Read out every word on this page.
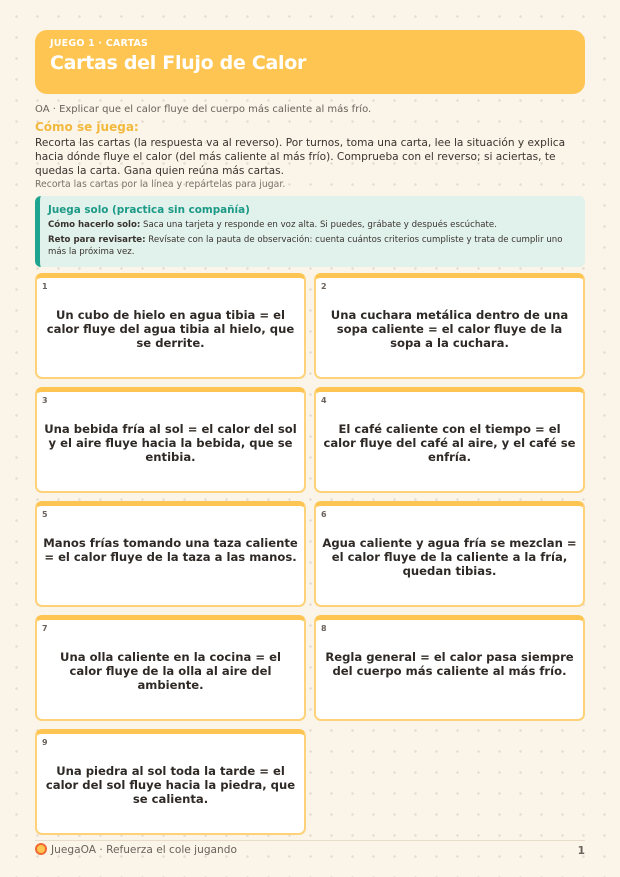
JUEGO 1 · CARTAS
Cartas del Flujo de Calor
OA · Explicar que el calor fluye del cuerpo más caliente al más frío.
Cómo se juega:
Recorta las cartas (la respuesta va al reverso). Por turnos, toma una carta, lee la situación y explica hacia dónde fluye el calor (del más caliente al más frío). Comprueba con el reverso; si aciertas, te quedas la carta. Gana quien reúna más cartas.
Recorta las cartas por la línea y repártelas para jugar.
Juega solo (practica sin compañía)
Cómo hacerlo solo: Saca una tarjeta y responde en voz alta. Si puedes, grábate y después escúchate.
Reto para revisarte: Revísate con la pauta de observación: cuenta cuántos criterios cumpliste y trata de cumplir uno más la próxima vez.
1
Un cubo de hielo en agua tibia = el calor fluye del agua tibia al hielo, que se derrite.
2
Una cuchara metálica dentro de una sopa caliente = el calor fluye de la sopa a la cuchara.
3
Una bebida fría al sol = el calor del sol y el aire fluye hacia la bebida, que se entibia.
4
El café caliente con el tiempo = el calor fluye del café al aire, y el café se enfría.
5
Manos frías tomando una taza caliente = el calor fluye de la taza a las manos.
6
Agua caliente y agua fría se mezclan = el calor fluye de la caliente a la fría, quedan tibias.
7
Una olla caliente en la cocina = el calor fluye de la olla al aire del ambiente.
8
Regla general = el calor pasa siempre del cuerpo más caliente al más frío.
9
Una piedra al sol toda la tarde = el calor del sol fluye hacia la piedra, que se calienta.
JuegaOA · Refuerza el cole jugando	1
